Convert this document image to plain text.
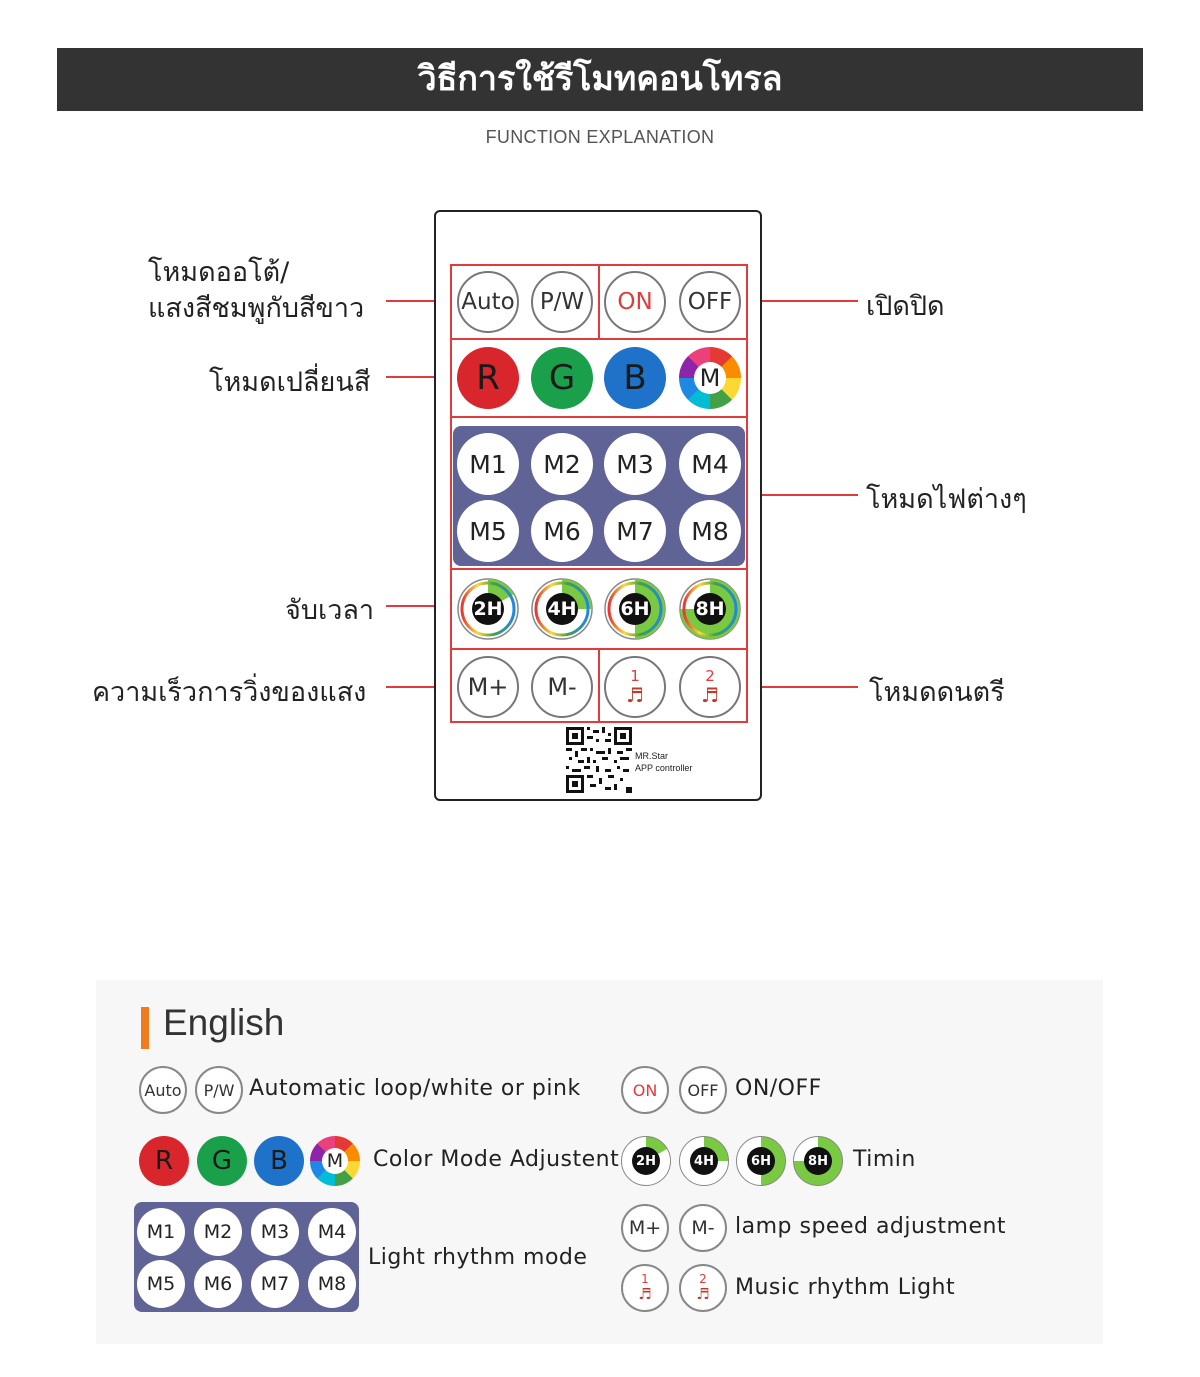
วิธีการใช้รีโมทคอนโทรล
FUNCTION EXPLANATION
โหมดออโต้/
แสงสีชมพูกับสีขาว	เปิดปิด
โหมดเปลี่ยนสี
โหมดไฟต่างๆ
จับเวลา
ความเร็วการวิ่งของแสง	โหมดดนตรี
Auto	P/W	ON	OFF
R	G	B	M
M1	M2	M3	M4
M5	M6	M7	M8
2H 4H 6H 8H
M+	M-	1
♬
2
♬
MR.Star
APP controller
English
Auto	P/W Automatic loop/white or pink	ON	OFF ON/OFF
R	G	B	M Color Mode Adjustent	2H	4H	6H	8H Timin
M1	M2	M3	M4
M5	M6	M7	M8
Light rhythm mode
M+	M- lamp speed adjustment
1
♬
2
♬ Music rhythm Light
